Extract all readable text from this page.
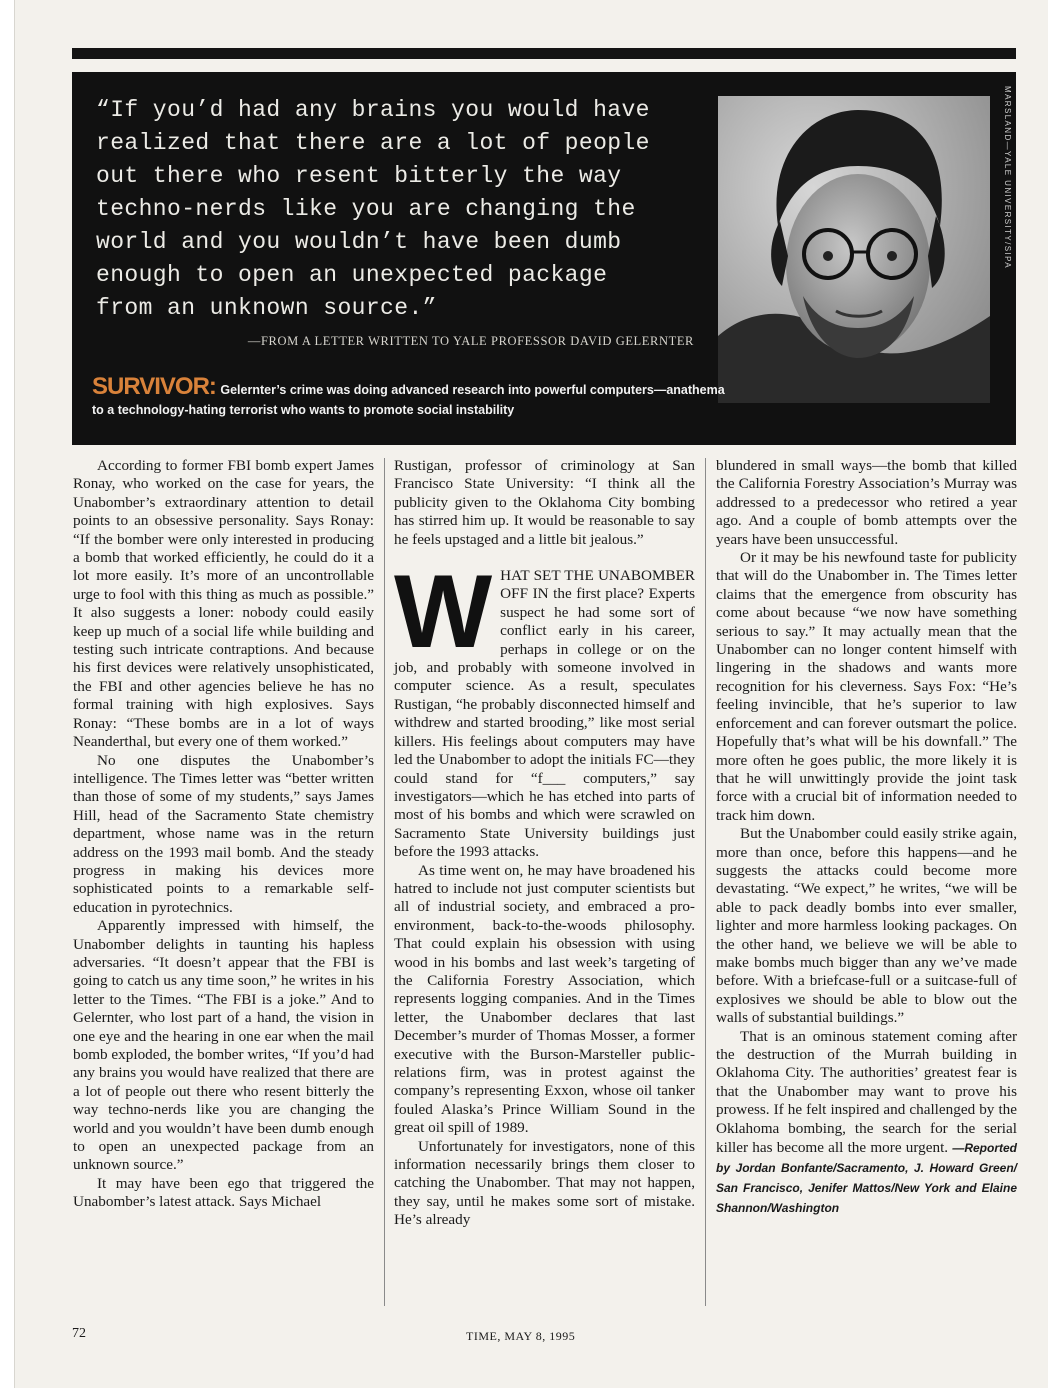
“If you’d had any brains you would have
realized that there are a lot of people
out there who resent bitterly the way
techno-nerds like you are changing the
world and you wouldn’t have been dumb
enough to open an unexpected package
from an unknown source.”

—FROM A LETTER WRITTEN TO YALE PROFESSOR DAVID GELERNTER
MARSLAND—YALE UNIVERSITY/SIPA
SURVIVOR: Gelernter’s crime was doing advanced research into powerful computers—anathema to a technology-hating terrorist who wants to promote social instability

According to former FBI bomb expert James Ronay, who worked on the case for years, the Unabomber’s extraordinary attention to detail points to an obsessive personality. Says Ronay: “If the bomber were only interested in producing a bomb that worked efficiently, he could do it a lot more easily. It’s more of an uncontrollable urge to fool with this thing as much as possible.” It also suggests a loner: nobody could easily keep up much of a social life while building and testing such intricate contraptions. And because his first devices were relatively unsophisticated, the FBI and other agencies believe he has no formal training with high explosives. Says Ronay: “These bombs are in a lot of ways Neanderthal, but every one of them worked.”

No one disputes the Unabomber’s intelligence. The Times letter was “better written than those of some of my students,” says James Hill, head of the Sacramento State chemistry department, whose name was in the return address on the 1993 mail bomb. And the steady progress in making his devices more sophisticated points to a remarkable self-education in pyrotechnics.

Apparently impressed with himself, the Unabomber delights in taunting his hapless adversaries. “It doesn’t appear that the FBI is going to catch us any time soon,” he writes in his letter to the Times. “The FBI is a joke.” And to Gelernter, who lost part of a hand, the vision in one eye and the hearing in one ear when the mail bomb exploded, the bomber writes, “If you’d had any brains you would have realized that there are a lot of people out there who resent bitterly the way techno-nerds like you are changing the world and you wouldn’t have been dumb enough to open an unexpected package from an unknown source.”

It may have been ego that triggered the Unabomber’s latest attack. Says Michael

Rustigan, professor of criminology at San Francisco State University: “I think all the publicity given to the Oklahoma City bombing has stirred him up. It would be reasonable to say he feels upstaged and a little bit jealous.”

WHAT SET THE UNABOMBER OFF IN the first place? Experts suspect he had some sort of conflict early in his career, perhaps in college or on the job, and probably with someone involved in computer science. As a result, speculates Rustigan, “he probably disconnected himself and withdrew and started brooding,” like most serial killers. His feelings about computers may have led the Unabomber to adopt the initials FC—they could stand for “f___ computers,” say investigators—which he has etched into parts of most of his bombs and which were scrawled on Sacramento State University buildings just before the 1993 attacks.

As time went on, he may have broadened his hatred to include not just computer scientists but all of industrial society, and embraced a pro-environment, back-to-the-woods philosophy. That could explain his obsession with using wood in his bombs and last week’s targeting of the California Forestry Association, which represents logging companies. And in the Times letter, the Unabomber declares that last December’s murder of Thomas Mosser, a former executive with the Burson-Marsteller public-relations firm, was in protest against the company’s representing Exxon, whose oil tanker fouled Alaska’s Prince William Sound in the great oil spill of 1989.

Unfortunately for investigators, none of this information necessarily brings them closer to catching the Unabomber. That may not happen, they say, until he makes some sort of mistake. He’s already

blundered in small ways—the bomb that killed the California Forestry Association’s Murray was addressed to a predecessor who retired a year ago. And a couple of bomb attempts over the years have been unsuccessful.

Or it may be his newfound taste for publicity that will do the Unabomber in. The Times letter claims that the emergence from obscurity has come about because “we now have something serious to say.” It may actually mean that the Unabomber can no longer content himself with lingering in the shadows and wants more recognition for his cleverness. Says Fox: “He’s feeling invincible, that he’s superior to law enforcement and can forever outsmart the police. Hopefully that’s what will be his downfall.” The more often he goes public, the more likely it is that he will unwittingly provide the joint task force with a crucial bit of information needed to track him down.

But the Unabomber could easily strike again, more than once, before this happens—and he suggests the attacks could become more devastating. “We expect,” he writes, “we will be able to pack deadly bombs into ever smaller, lighter and more harmless looking packages. On the other hand, we believe we will be able to make bombs much bigger than any we’ve made before. With a briefcase-full or a suitcase-full of explosives we should be able to blow out the walls of substantial buildings.”

That is an ominous statement coming after the destruction of the Murrah building in Oklahoma City. The authorities’ greatest fear is that the Unabomber may want to prove his prowess. If he felt inspired and challenged by the Oklahoma bombing, the search for the serial killer has become all the more urgent. —Reported by Jordan Bonfante/Sacramento, J. Howard Green/ San Francisco, Jenifer Mattos/New York and Elaine Shannon/Washington

72	TIME, MAY 8, 1995
